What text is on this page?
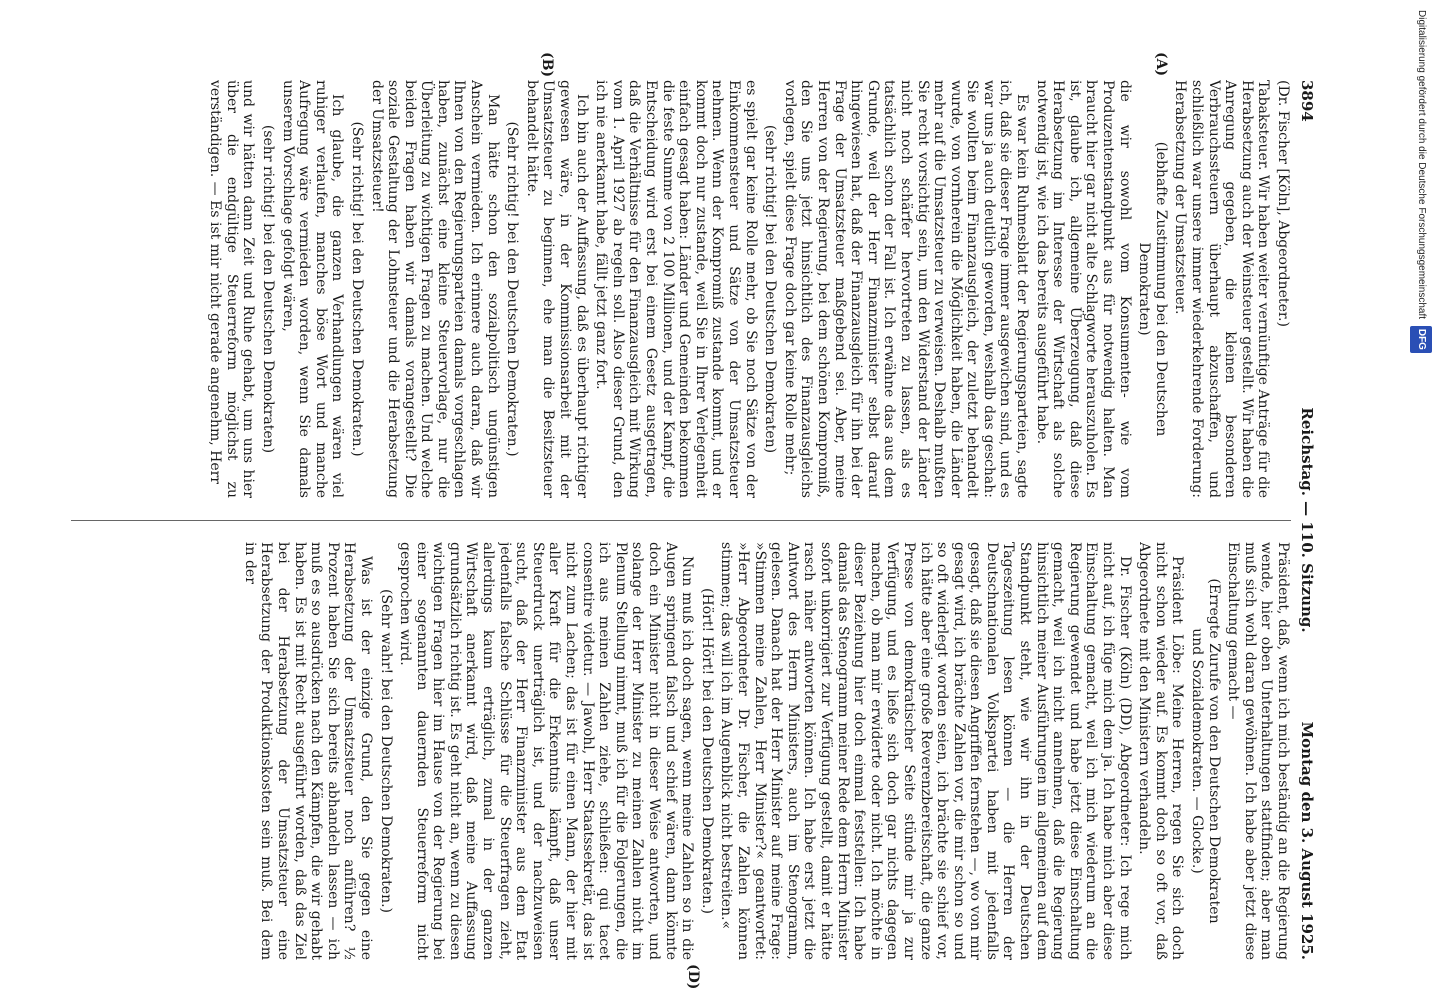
3894
Reichstag. — 110. Sitzung.
Montag den 3. August 1925.
(A)
(B)
(D)

(Dr. Fischer [Köln], Abgeordneter.)

Tabaksteuer. Wir haben weiter vernünftige Anträge für die Herabsetzung auch der Weinsteuer gestellt. Wir haben die Anregung gegeben, die kleinen besonderen Verbrauchssteuern überhaupt abzuschaffen, und schließlich war unsere immer wiederkehrende Forderung: Herabsetzung der Umsatzsteuer.

(lebhafte Zustimmung bei den Deutschen
Demokraten)

die wir sowohl vom Konsumenten- wie vom Produzentenstandpunkt aus für notwendig halten. Man braucht hier gar nicht alte Schlagworte herauszuholen. Es ist, glaube ich, allgemeine Überzeugung, daß diese Herabsetzung im Interesse der Wirtschaft als solche notwendig ist, wie ich das bereits ausgeführt habe.

Es war kein Ruhmesblatt der Regierungsparteien, sagte ich, daß sie dieser Frage immer ausgewichen sind, und es war uns ja auch deutlich geworden, weshalb das geschah: Sie wollten beim Finanzausgleich, der zuletzt behandelt wurde, von vornherein die Möglichkeit haben, die Länder mehr auf die Umsatzsteuer zu verweisen. Deshalb mußten Sie recht vorsichtig sein, um den Widerstand der Länder nicht noch schärfer hervortreten zu lassen, als es tatsächlich schon der Fall ist. Ich erwähne das aus dem Grunde, weil der Herr Finanzminister selbst darauf hingewiesen hat, daß der Finanzausgleich für ihn bei der Frage der Umsatzsteuer maßgebend sei. Aber, meine Herren von der Regierung, bei dem schönen Kompromiß, den Sie uns jetzt hinsichtlich des Finanzausgleichs vorlegen, spielt diese Frage doch gar keine Rolle mehr;

(sehr richtig! bei den Deutschen Demokraten)

es spielt gar keine Rolle mehr, ob Sie noch Sätze von der Einkommensteuer und Sätze von der Umsatzsteuer nehmen. Wenn der Kompromiß zustande kommt, und er kommt doch nur zustande, weil Sie in Ihrer Verlegenheit einfach gesagt haben: Länder und Gemeinden bekommen die feste Summe von 2 100 Millionen, und der Kampf, die Entscheidung wird erst bei einem Gesetz ausgetragen, daß die Verhältnisse für den Finanzausgleich mit Wirkung vom 1. April 1927 ab regeln soll. Also dieser Grund, den ich nie anerkannt habe, fällt jetzt ganz fort.

Ich bin auch der Auffassung, daß es überhaupt richtiger gewesen wäre, in der Kommissionsarbeit mit der Umsatzsteuer zu beginnen, ehe man die Besitzsteuer behandelt hätte.

(Sehr richtig! bei den Deutschen Demokraten.)

Man hätte schon den sozialpolitisch ungünstigen Anschein vermieden. Ich erinnere auch daran, daß wir Ihnen von den Regierungsparteien damals vorgeschlagen haben, zunächst eine kleine Steuervorlage, nur die Überleitung zu wichtigen Fragen zu machen. Und welche beiden Fragen haben wir damals vorangestellt? Die soziale Gestaltung der Lohnsteuer und die Herabsetzung der Umsatzsteuer!

(Sehr richtig! bei den Deutschen Demokraten.)

Ich glaube, die ganzen Verhandlungen wären viel ruhiger verlaufen, manches böse Wort und manche Aufregung wäre vermieden worden, wenn Sie damals unserem Vorschlage gefolgt wären,

(sehr richtig! bei den Deutschen Demokraten)

und wir hätten dann Zeit und Ruhe gehabt, um uns hier über die endgültige Steuerreform möglichst zu verständigen. — Es ist mir nicht gerade angenehm, Herr

Präsident, daß, wenn ich mich beständig an die Regierung wende, hier oben Unterhaltungen stattfinden; aber man muß sich wohl daran gewöhnen. Ich habe aber jetzt diese Einschaltung gemacht —

(Erregte Zurufe von den Deutschen Demokraten
und Sozialdemokraten. — Glocke.)

Präsident Löbe: Meine Herren, regen Sie sich doch nicht schon wieder auf. Es kommt doch so oft vor, daß Abgeordnete mit den Ministern verhandeln.

Dr. Fischer (Köln) (DD), Abgeordneter: Ich rege mich nicht auf, ich füge mich dem ja. Ich habe mich aber diese Einschaltung gemacht, weil ich mich wiederum an die Regierung gewendet und habe jetzt diese Einschaltung gemacht, weil ich nicht annehmen, daß die Regierung hinsichtlich meiner Ausführungen im allgemeinen auf dem Standpunkt steht, wie wir ihn in der Deutschen Tageszeitung lesen können — die Herren der Deutschnationalen Volkspartei haben mit jedenfalls gesagt, daß sie diesen Angriffen fernstehen —, wo von mir gesagt wird, ich brächte Zahlen vor, die mir schon so und so oft widerlegt worden seien, ich brächte sie schief vor, ich hätte aber eine große Reverenzbereitschaft, die ganze Presse von demokratischer Seite stünde mir ja zur Verfügung, und es ließe sich doch gar nichts dagegen machen, ob man mir erwiderte oder nicht. Ich möchte in dieser Beziehung hier doch einmal feststellen: Ich habe damals das Stenogramm meiner Rede dem Herrn Minister sofort unkorrigiert zur Verfügung gestellt, damit er hätte rasch näher antworten können. Ich habe erst jetzt die Antwort des Herrn Ministers, auch im Stenogramm, gelesen. Danach hat der Herr Minister auf meine Frage: »Stimmen meine Zahlen, Herr Minister?« geantwortet: »Herr Abgeordneter Dr. Fischer, die Zahlen können stimmen; das will ich im Augenblick nicht bestreiten.«

(Hört! Hört! bei den Deutschen Demokraten.)

Nun muß ich doch sagen, wenn meine Zahlen so in die Augen springend falsch und schief wären, dann könnte doch ein Minister nicht in dieser Weise antworten, und solange der Herr Minister zu meinen Zahlen nicht im Plenum Stellung nimmt, muß ich für die Folgerungen, die ich aus meinen Zahlen ziehe, schließen: qui tacet consentire videtur. — Jawohl, Herr Staatssekretär, das ist nicht zum Lachen; das ist für einen Mann, der hier mit aller Kraft für die Erkenntnis kämpft, daß unser Steuerdruck unerträglich ist, und der nachzuweisen sucht, daß der Herr Finanzminister aus dem Etat jedenfalls falsche Schlüsse für die Steuerfragen zieht, allerdings kaum erträglich, zumal in der ganzen Wirtschaft anerkannt wird, daß meine Auffassung grundsätzlich richtig ist. Es geht nicht an, wenn zu diesen wichtigen Fragen hier im Hause von der Regierung bei einer sogenannten dauernden Steuerreform nicht gesprochen wird.

(Sehr wahr! bei den Deutschen Demokraten.)

Was ist der einzige Grund, den Sie gegen eine Herabsetzung der Umsatzsteuer noch anführen? ½ Prozent haben Sie sich bereits abhandeln lassen — ich muß es so ausdrücken nach den Kämpfen, die wir gehabt haben. Es ist mit Recht ausgeführt worden, daß das Ziel bei der Herabsetzung der Umsatzsteuer eine Herabsetzung der Produktionskosten sein muß. Bei dem in der

Digitalisierung gefördert durch die Deutsche Forschungsgemeinschaft DFG
